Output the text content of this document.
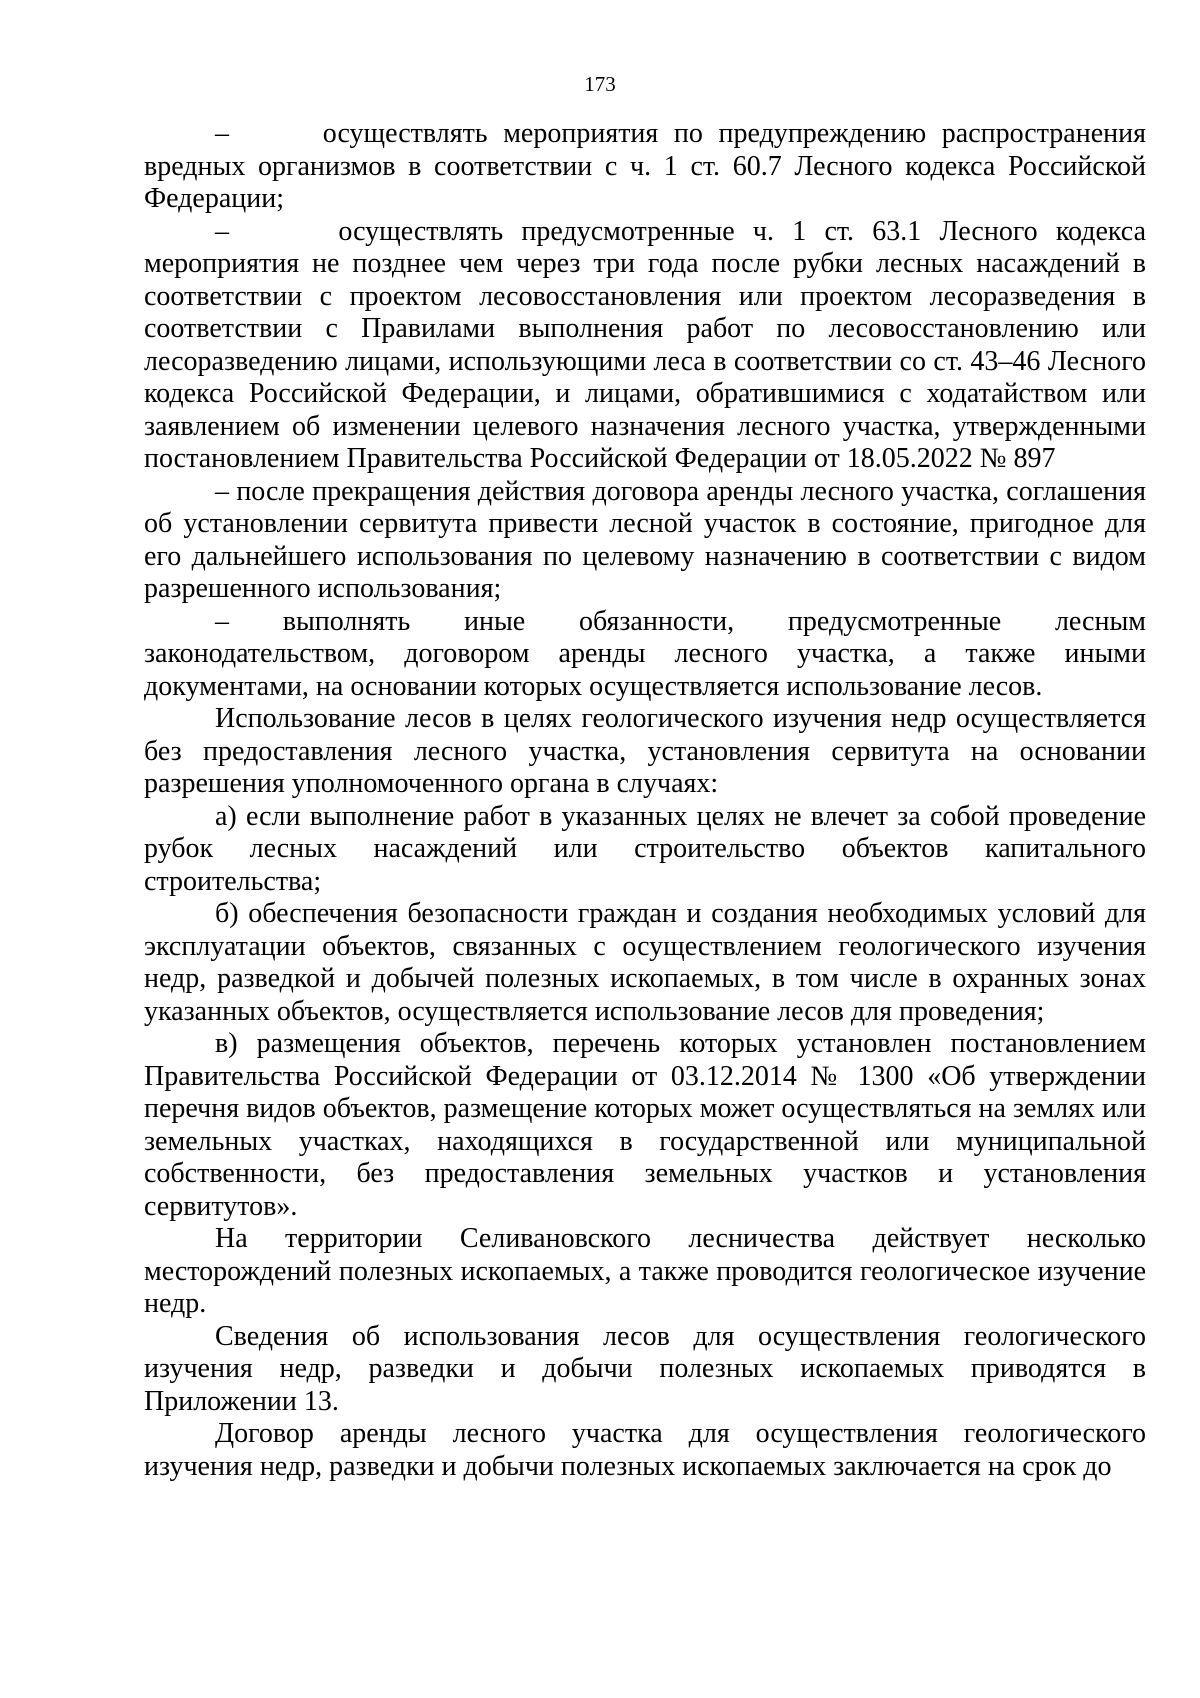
173

–      осуществлять мероприятия по предупреждению распространения вредных организмов в соответствии с ч. 1 ст. 60.7 Лесного кодекса Российской Федерации;

–      осуществлять предусмотренные ч. 1 ст. 63.1 Лесного кодекса мероприятия не позднее чем через три года после рубки лесных насаждений в соответствии с проектом лесовосстановления или проектом лесоразведения в соответствии с Правилами выполнения работ по лесовосстановлению или лесоразведению лицами, использующими леса в соответствии со ст. 43–46 Лесного кодекса Российской Федерации, и лицами, обратившимися с ходатайством или заявлением об изменении целевого назначения лесного участка, утвержденными постановлением Правительства Российской Федерации от 18.05.2022 № 897

– после прекращения действия договора аренды лесного участка, соглашения об установлении сервитута привести лесной участок в состояние, пригодное для его дальнейшего использования по целевому назначению в соответствии с видом разрешенного использования;

– выполнять иные обязанности, предусмотренные лесным законодательством, договором аренды лесного участка, а также иными документами, на основании которых осуществляется использование лесов.

Использование лесов в целях геологического изучения недр осуществляется без предоставления лесного участка, установления сервитута на основании разрешения уполномоченного органа в случаях:

а) если выполнение работ в указанных целях не влечет за собой проведение рубок лесных насаждений или строительство объектов капитального строительства;

б) обеспечения безопасности граждан и создания необходимых условий для эксплуатации объектов, связанных с осуществлением геологического изучения недр, разведкой и добычей полезных ископаемых, в том числе в охранных зонах указанных объектов, осуществляется использование лесов для проведения;

в) размещения объектов, перечень которых установлен постановлением Правительства Российской Федерации от 03.12.2014 № 1300 «Об утверждении перечня видов объектов, размещение которых может осуществляться на землях или земельных участках, находящихся в государственной или муниципальной собственности, без предоставления земельных участков и установления сервитутов».

На территории Селивановского лесничества действует несколько месторождений полезных ископаемых, а также проводится геологическое изучение недр.

Сведения об использования лесов для осуществления геологического изучения недр, разведки и добычи полезных ископаемых приводятся в Приложении 13.

Договор аренды лесного участка для осуществления геологического изучения недр, разведки и добычи полезных ископаемых заключается на срок до
